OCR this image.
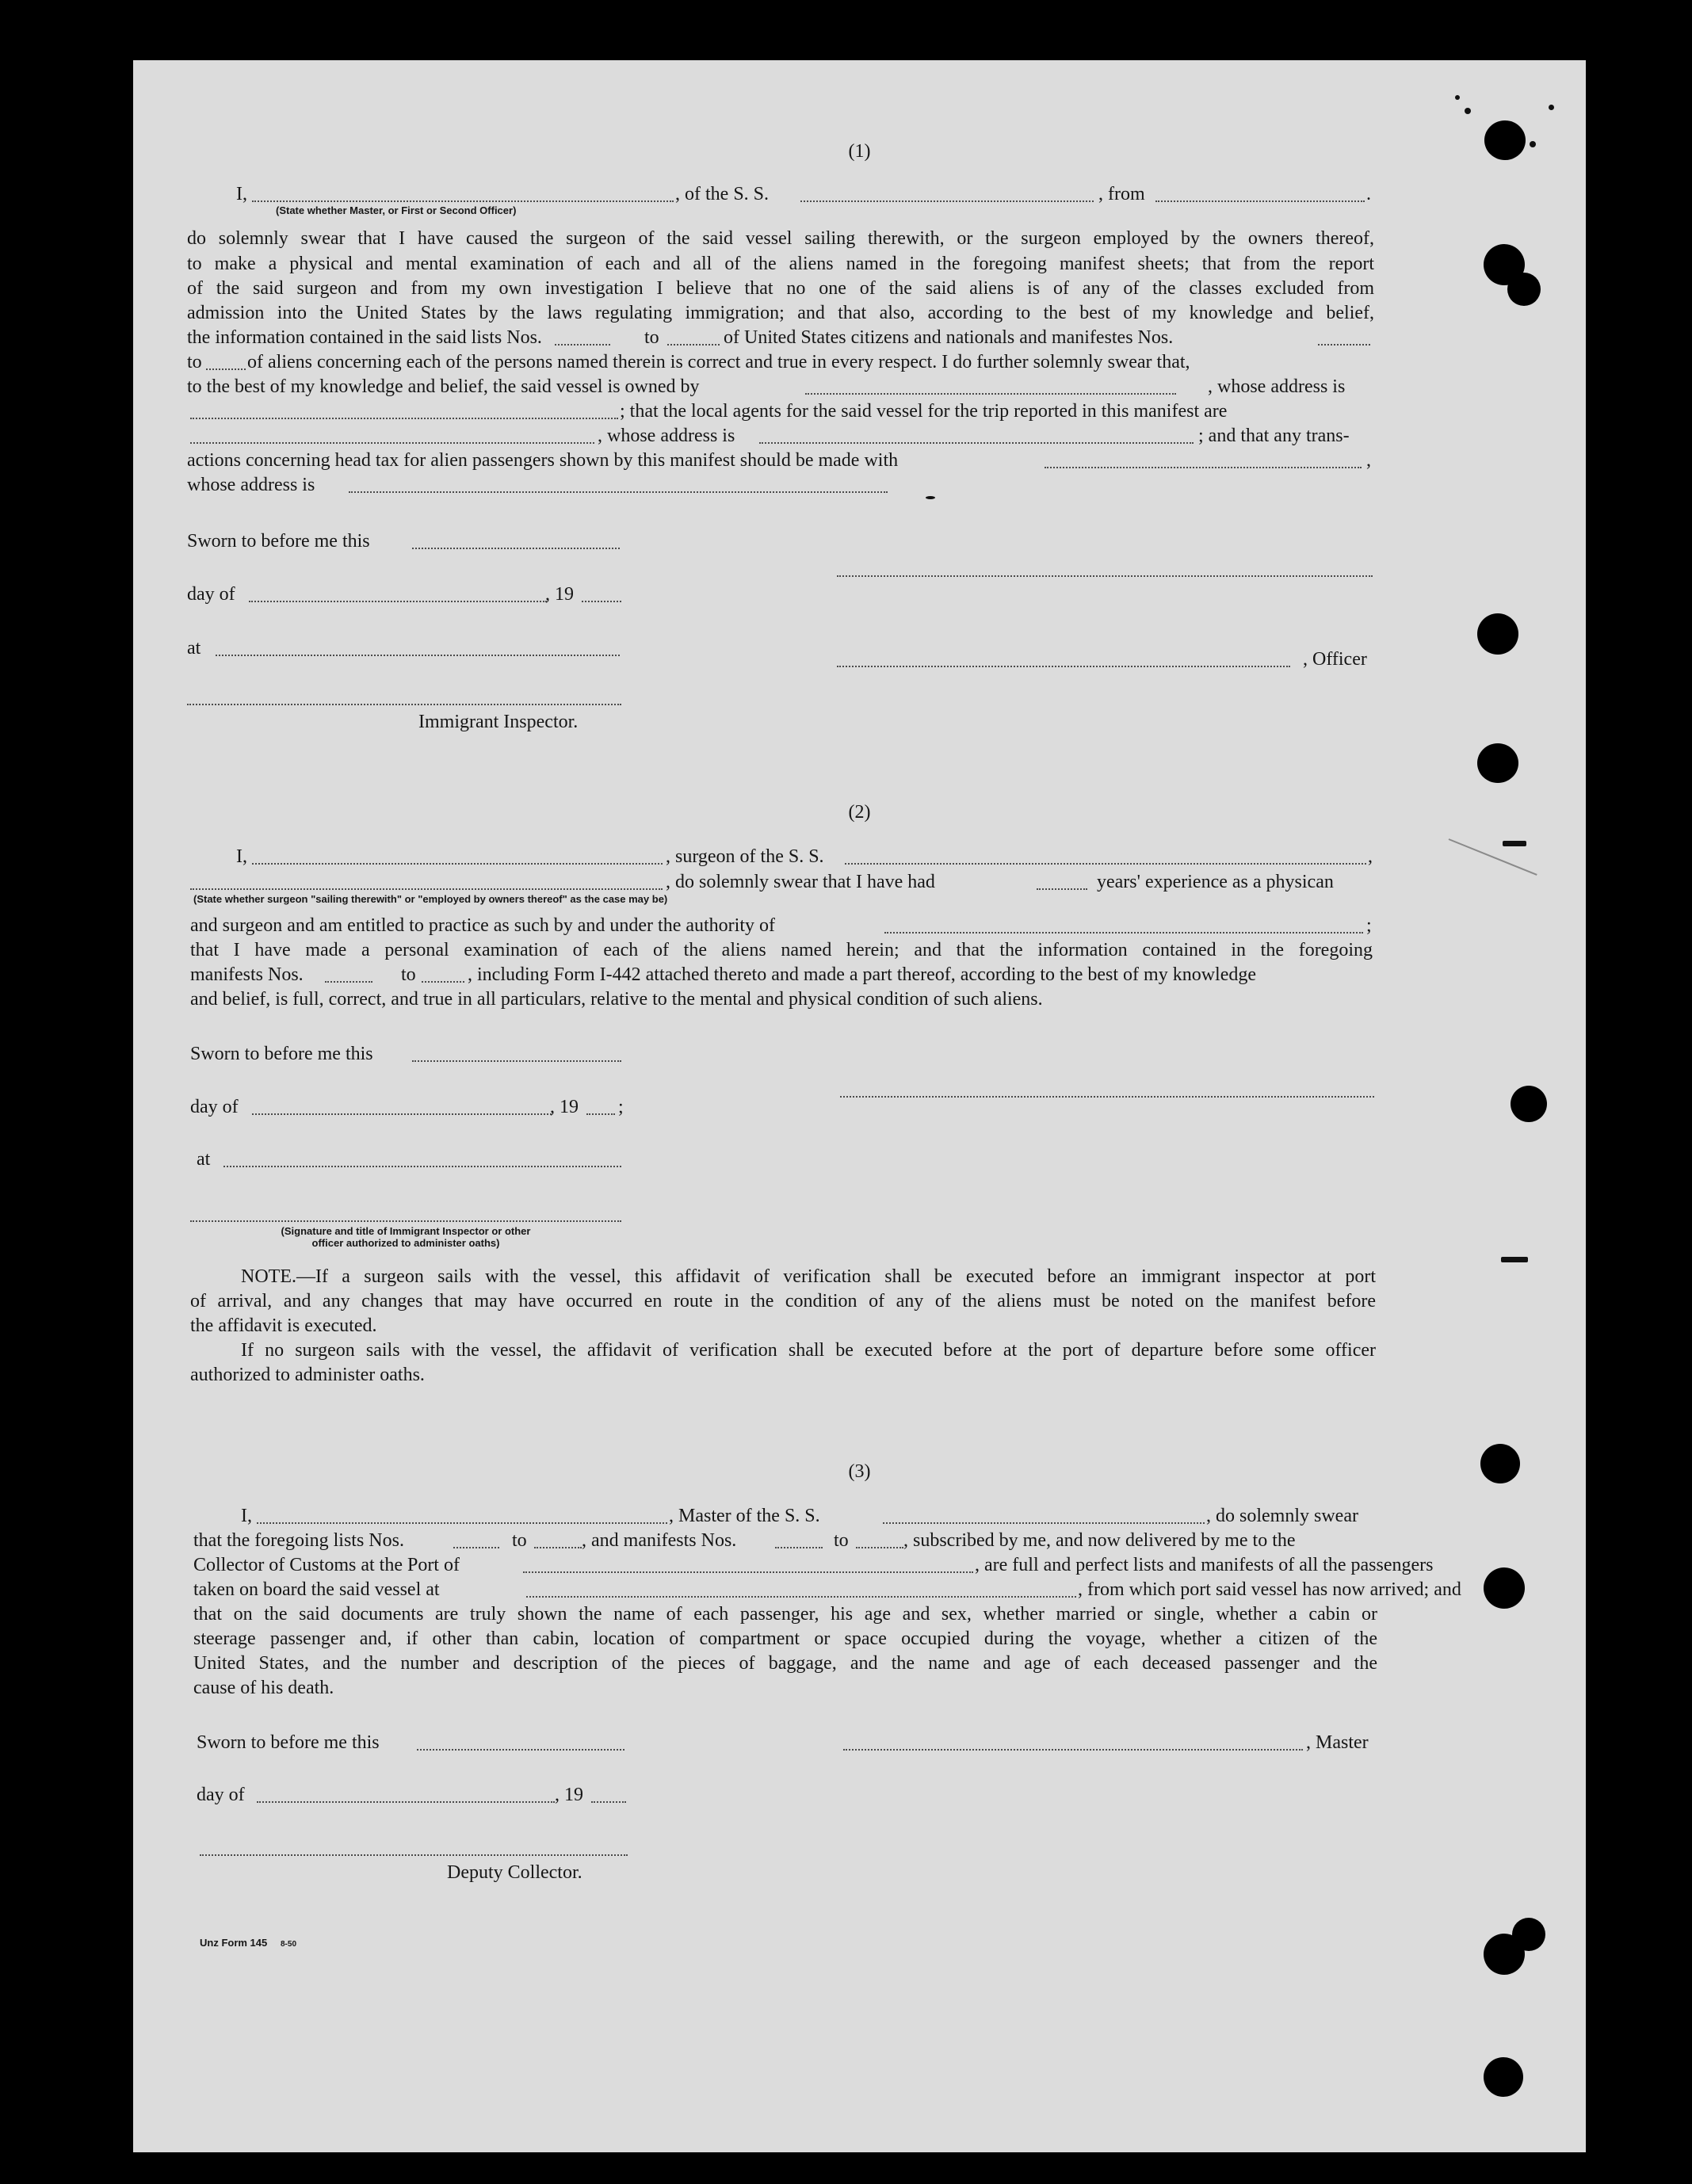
(1)
I,	, of the S. S.	, from	.
(State whether Master, or First or Second Officer)
do solemnly swear that I have caused the surgeon of the said vessel sailing therewith, or the surgeon employed by the owners thereof,
to make a physical and mental examination of each and all of the aliens named in the foregoing manifest sheets; that from the report
of the said surgeon and from my own investigation I believe that no one of the said aliens is of any of the classes excluded from
admission into the United States by the laws regulating immigration; and that also, according to the best of my knowledge and belief,
the information contained in the said lists Nos.	to	of United States citizens and nationals and manifestes Nos.
to of aliens concerning each of the persons named therein is correct and true in every respect. I do further solemnly swear that,
to the best of my knowledge and belief, the said vessel is owned by	, whose address is
; that the local agents for the said vessel for the trip reported in this manifest are
, whose address is	; and that any trans-
actions concerning head tax for alien passengers shown by this manifest should be made with	,
whose address is
Sworn to before me this
day of	, 19
at
, Officer
Immigrant Inspector.
(2)
I,	, surgeon of the S. S.	,
, do solemnly swear that I have had	years' experience as a physican
(State whether surgeon "sailing therewith" or "employed by owners thereof" as the case may be)
and surgeon and am entitled to practice as such by and under the authority of	;
that I have made a personal examination of each of the aliens named herein; and that the information contained in the foregoing
manifests Nos.	to	, including Form I-442 attached thereto and made a part thereof, according to the best of my knowledge
and belief, is full, correct, and true in all particulars, relative to the mental and physical condition of such aliens.
Sworn to before me this
day of	, 19 ;
at
(Signature and title of Immigrant Inspector or other
officer authorized to administer oaths)
NOTE.—If a surgeon sails with the vessel, this affidavit of verification shall be executed before an immigrant inspector at port
of arrival, and any changes that may have occurred en route in the condition of any of the aliens must be noted on the manifest before
the affidavit is executed.
If no surgeon sails with the vessel, the affidavit of verification shall be executed before at the port of departure before some officer
authorized to administer oaths.
(3)
I,	, Master of the S. S.	, do solemnly swear
that the foregoing lists Nos.	to	, and manifests Nos.	to	, subscribed by me, and now delivered by me to the
Collector of Customs at the Port of	, are full and perfect lists and manifests of all the passengers
taken on board the said vessel at	, from which port said vessel has now arrived; and
that on the said documents are truly shown the name of each passenger, his age and sex, whether married or single, whether a cabin or
steerage passenger and, if other than cabin, location of compartment or space occupied during the voyage, whether a citizen of the
United States, and the number and description of the pieces of baggage, and the name and age of each deceased passenger and the
cause of his death.
Sworn to before me this	, Master
day of	, 19
Deputy Collector.
Unz Form 145 8-50
